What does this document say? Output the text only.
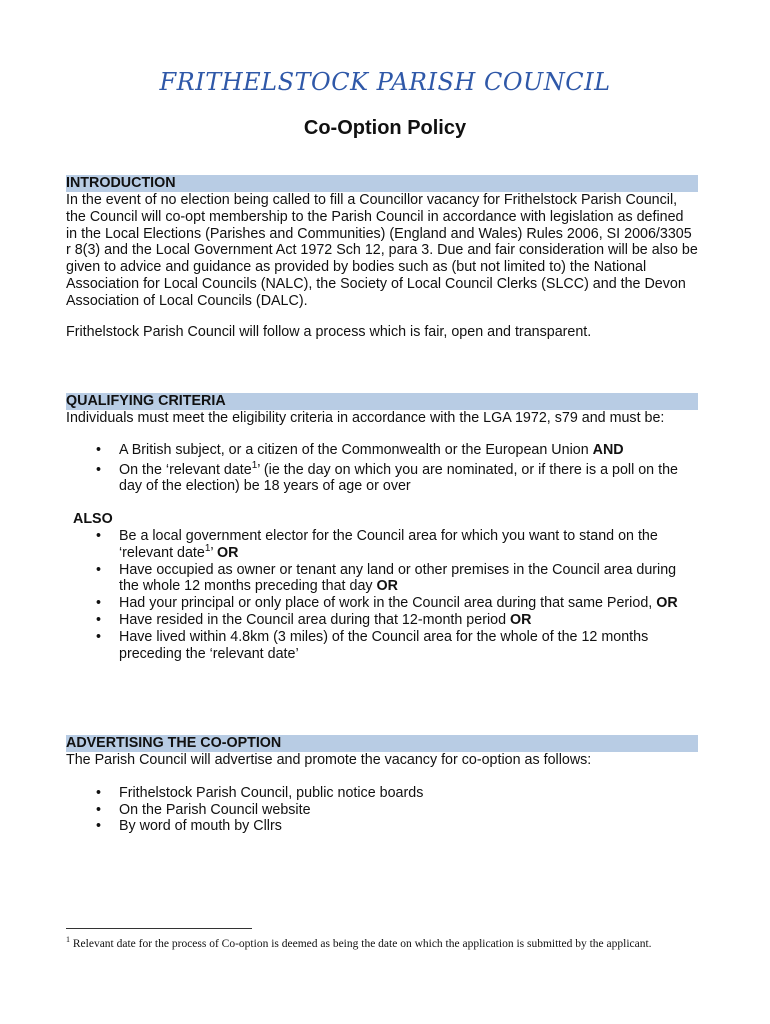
FRITHELSTOCK PARISH COUNCIL
Co-Option Policy
INTRODUCTION

In the event of no election being called to fill a Councillor vacancy for Frithelstock Parish Council, the Council will co-opt membership to the Parish Council in accordance with legislation as defined in the Local Elections (Parishes and Communities) (England and Wales) Rules 2006, SI 2006/3305 r 8(3) and the Local Government Act 1972 Sch 12, para 3. Due and fair consideration will be also be given to advice and guidance as provided by bodies such as (but not limited to) the National Association for Local Councils (NALC), the Society of Local Council Clerks (SLCC) and the Devon Association of Local Councils (DALC).

Frithelstock Parish Council will follow a process which is fair, open and transparent.

QUALIFYING CRITERIA

Individuals must meet the eligibility criteria in accordance with the LGA 1972, s79 and must be:

• A British subject, or a citizen of the Commonwealth or the European Union AND
• On the ‘relevant date$^1$’ (ie the day on which you are nominated, or if there is a poll on the day of the election) be 18 years of age or over
ALSO
• Be a local government elector for the Council area for which you want to stand on the ‘relevant date$^1$’ OR
• Have occupied as owner or tenant any land or other premises in the Council area during the whole 12 months preceding that day OR
• Had your principal or only place of work in the Council area during that same Period, OR
• Have resided in the Council area during that 12-month period OR
• Have lived within 4.8km (3 miles) of the Council area for the whole of the 12 months preceding the ‘relevant date’
ADVERTISING THE CO-OPTION

The Parish Council will advertise and promote the vacancy for co-option as follows:

• Frithelstock Parish Council, public notice boards
• On the Parish Council website
• By word of mouth by Cllrs
$^1$ Relevant date for the process of Co-option is deemed as being the date on which the application is submitted by the applicant.
